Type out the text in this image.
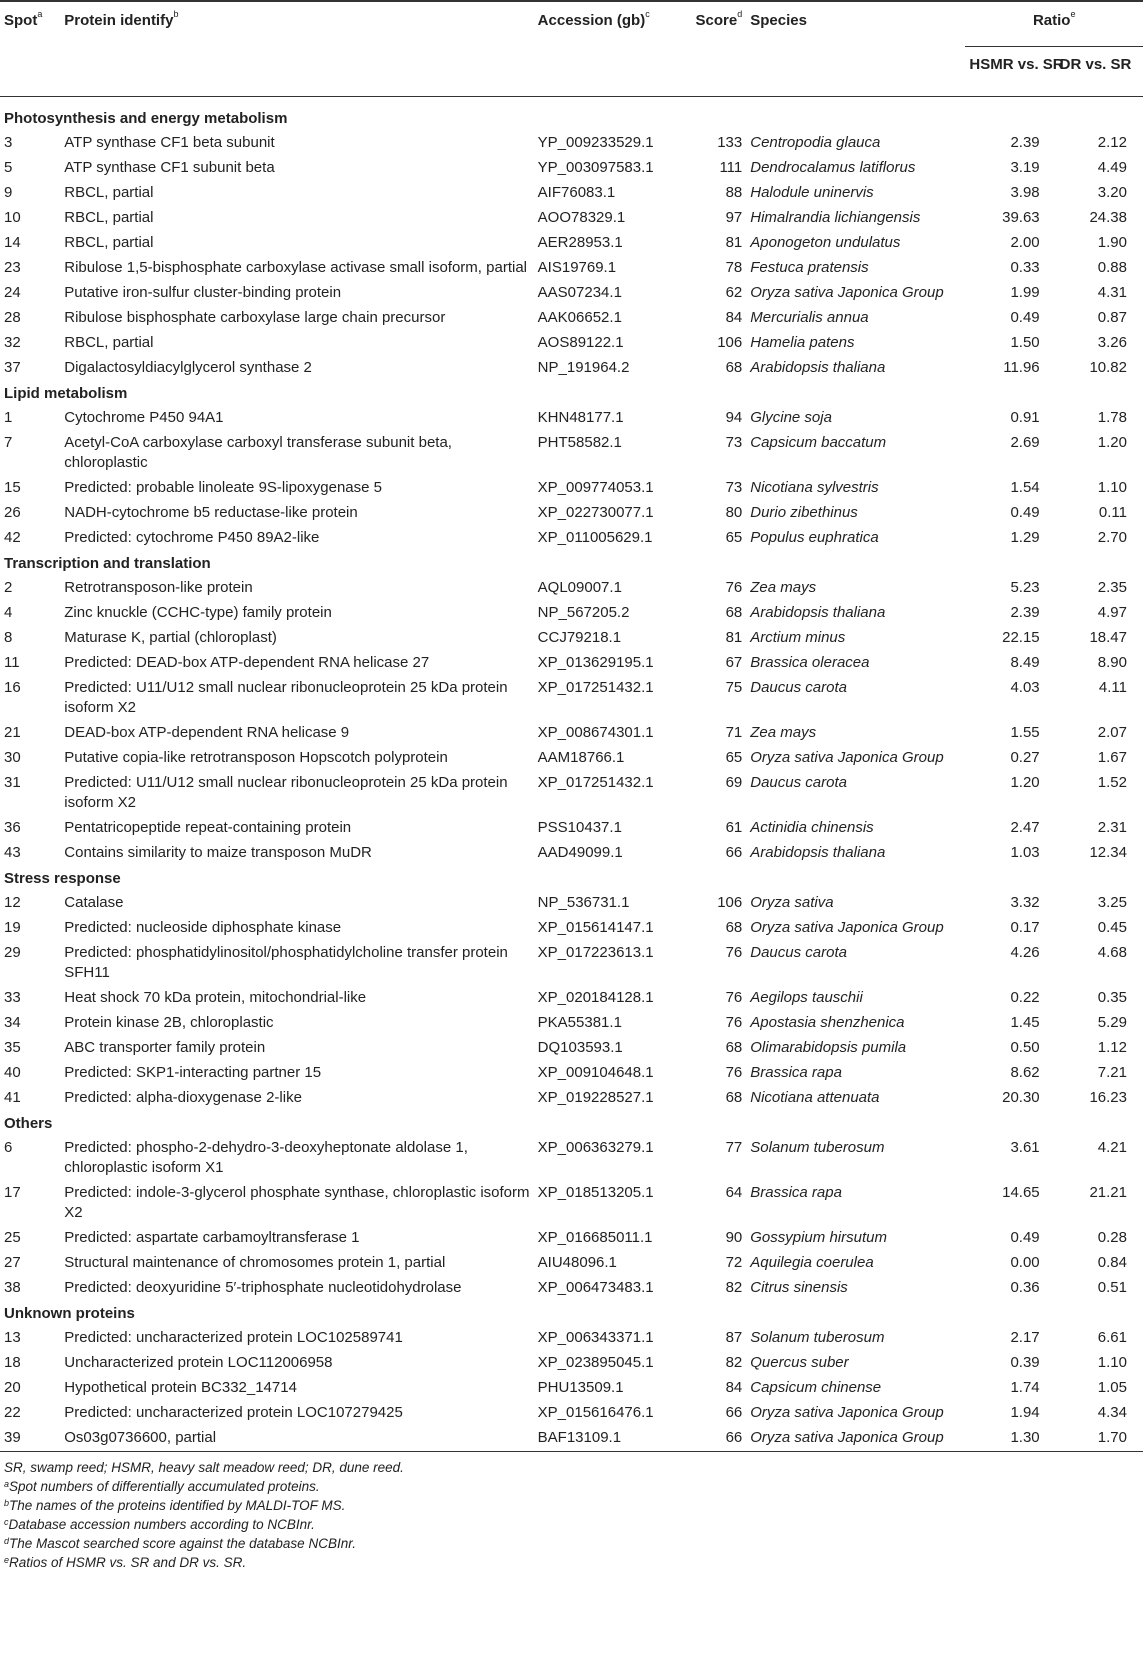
Spot$^a$	Protein identify$^b$	Accession (gb)$^c$	Score$^d$	Species	Ratio$^e$
					HSMR vs. SR	DR vs. SR
Photosynthesis and energy metabolism						
3	ATP synthase CF1 beta subunit	YP_009233529.1	133	Centropodia glauca	2.39	2.12
5	ATP synthase CF1 subunit beta	YP_003097583.1	111	Dendrocalamus latiflorus	3.19	4.49
9	RBCL, partial	AIF76083.1	88	Halodule uninervis	3.98	3.20
10	RBCL, partial	AOO78329.1	97	Himalrandia lichiangensis	39.63	24.38
14	RBCL, partial	AER28953.1	81	Aponogeton undulatus	2.00	1.90
23	Ribulose 1,5-bisphosphate carboxylase activase small isoform, partial	AIS19769.1	78	Festuca pratensis	0.33	0.88
24	Putative iron-sulfur cluster-binding protein	AAS07234.1	62	Oryza sativa Japonica Group	1.99	4.31
28	Ribulose bisphosphate carboxylase large chain precursor	AAK06652.1	84	Mercurialis annua	0.49	0.87
32	RBCL, partial	AOS89122.1	106	Hamelia patens	1.50	3.26
37	Digalactosyldiacylglycerol synthase 2	NP_191964.2	68	Arabidopsis thaliana	11.96	10.82
Lipid metabolism						
1	Cytochrome P450 94A1	KHN48177.1	94	Glycine soja	0.91	1.78
7	Acetyl-CoA carboxylase carboxyl transferase subunit beta, chloroplastic	PHT58582.1	73	Capsicum baccatum	2.69	1.20
15	Predicted: probable linoleate 9S-lipoxygenase 5	XP_009774053.1	73	Nicotiana sylvestris	1.54	1.10
26	NADH-cytochrome b5 reductase-like protein	XP_022730077.1	80	Durio zibethinus	0.49	0.11
42	Predicted: cytochrome P450 89A2-like	XP_011005629.1	65	Populus euphratica	1.29	2.70
Transcription and translation						
2	Retrotransposon-like protein	AQL09007.1	76	Zea mays	5.23	2.35
4	Zinc knuckle (CCHC-type) family protein	NP_567205.2	68	Arabidopsis thaliana	2.39	4.97
8	Maturase K, partial (chloroplast)	CCJ79218.1	81	Arctium minus	22.15	18.47
11	Predicted: DEAD-box ATP-dependent RNA helicase 27	XP_013629195.1	67	Brassica oleracea	8.49	8.90
16	Predicted: U11/U12 small nuclear ribonucleoprotein 25 kDa protein isoform X2	XP_017251432.1	75	Daucus carota	4.03	4.11
21	DEAD-box ATP-dependent RNA helicase 9	XP_008674301.1	71	Zea mays	1.55	2.07
30	Putative copia-like retrotransposon Hopscotch polyprotein	AAM18766.1	65	Oryza sativa Japonica Group	0.27	1.67
31	Predicted: U11/U12 small nuclear ribonucleoprotein 25 kDa protein isoform X2	XP_017251432.1	69	Daucus carota	1.20	1.52
36	Pentatricopeptide repeat-containing protein	PSS10437.1	61	Actinidia chinensis	2.47	2.31
43	Contains similarity to maize transposon MuDR	AAD49099.1	66	Arabidopsis thaliana	1.03	12.34
Stress response						
12	Catalase	NP_536731.1	106	Oryza sativa	3.32	3.25
19	Predicted: nucleoside diphosphate kinase	XP_015614147.1	68	Oryza sativa Japonica Group	0.17	0.45
29	Predicted: phosphatidylinositol/phosphatidylcholine transfer protein SFH11	XP_017223613.1	76	Daucus carota	4.26	4.68
33	Heat shock 70 kDa protein, mitochondrial-like	XP_020184128.1	76	Aegilops tauschii	0.22	0.35
34	Protein kinase 2B, chloroplastic	PKA55381.1	76	Apostasia shenzhenica	1.45	5.29
35	ABC transporter family protein	DQ103593.1	68	Olimarabidopsis pumila	0.50	1.12
40	Predicted: SKP1-interacting partner 15	XP_009104648.1	76	Brassica rapa	8.62	7.21
41	Predicted: alpha-dioxygenase 2-like	XP_019228527.1	68	Nicotiana attenuata	20.30	16.23
Others						
6	Predicted: phospho-2-dehydro-3-deoxyheptonate aldolase 1, chloroplastic isoform X1	XP_006363279.1	77	Solanum tuberosum	3.61	4.21
17	Predicted: indole-3-glycerol phosphate synthase, chloroplastic isoform X2	XP_018513205.1	64	Brassica rapa	14.65	21.21
25	Predicted: aspartate carbamoyltransferase 1	XP_016685011.1	90	Gossypium hirsutum	0.49	0.28
27	Structural maintenance of chromosomes protein 1, partial	AIU48096.1	72	Aquilegia coerulea	0.00	0.84
38	Predicted: deoxyuridine 5′-triphosphate nucleotidohydrolase	XP_006473483.1	82	Citrus sinensis	0.36	0.51
Unknown proteins						
13	Predicted: uncharacterized protein LOC102589741	XP_006343371.1	87	Solanum tuberosum	2.17	6.61
18	Uncharacterized protein LOC112006958	XP_023895045.1	82	Quercus suber	0.39	1.10
20	Hypothetical protein BC332_14714	PHU13509.1	84	Capsicum chinense	1.74	1.05
22	Predicted: uncharacterized protein LOC107279425	XP_015616476.1	66	Oryza sativa Japonica Group	1.94	4.34
39	Os03g0736600, partial	BAF13109.1	66	Oryza sativa Japonica Group	1.30	1.70
SR, swamp reed; HSMR, heavy salt meadow reed; DR, dune reed.
$^a$Spot numbers of differentially accumulated proteins.
$^b$The names of the proteins identified by MALDI-TOF MS.
$^c$Database accession numbers according to NCBInr.
$^d$The Mascot searched score against the database NCBInr.
$^e$Ratios of HSMR vs. SR and DR vs. SR.
